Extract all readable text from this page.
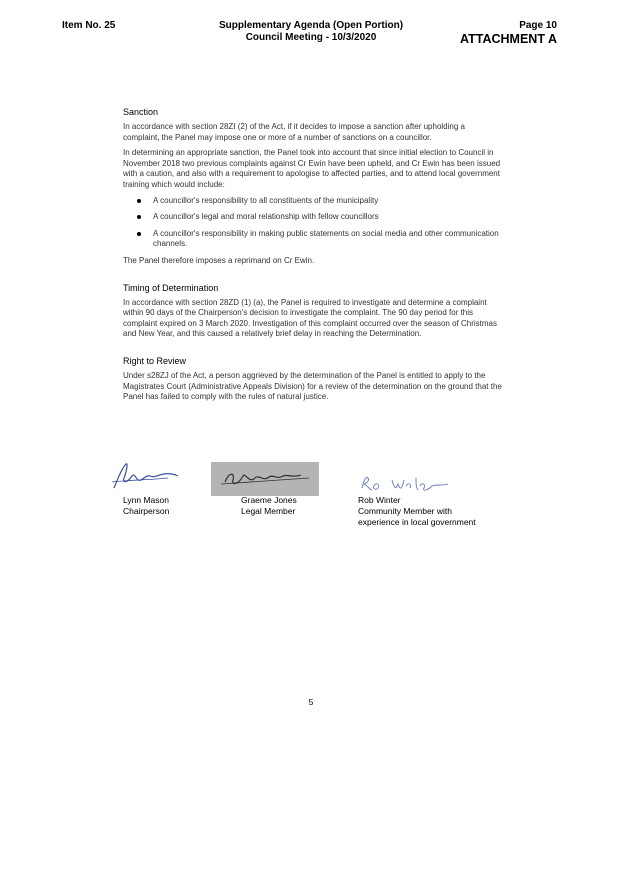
Item No. 25	Supplementary Agenda (Open Portion)
Council Meeting - 10/3/2020
Page 10
ATTACHMENT A
Sanction

In accordance with section 28ZI (2) of the Act, if it decides to impose a sanction after upholding a complaint, the Panel may impose one or more of a number of sanctions on a councillor.

In determining an appropriate sanction, the Panel took into account that since initial election to Council in November 2018 two previous complaints against Cr Ewin have been upheld, and Cr Ewin has been issued with a caution, and also with a requirement to apologise to affected parties, and to attend local government training which would include:

A councillor's responsibility to all constituents of the municipality
A councillor's legal and moral relationship with fellow councillors
A councillor's responsibility in making public statements on social media and other communication channels.

The Panel therefore imposes a reprimand on Cr Ewin.

Timing of Determination

In accordance with section 28ZD (1) (a), the Panel is required to investigate and determine a complaint within 90 days of the Chairperson's decision to investigate the complaint. The 90 day period for this complaint expired on 3 March 2020. Investigation of this complaint occurred over the season of Christmas and New Year, and this caused a relatively brief delay in reaching the Determination.

Right to Review

Under s28ZJ of the Act, a person aggrieved by the determination of the Panel is entitled to apply to the Magistrates Court (Administrative Appeals Division) for a review of the determination on the ground that the Panel has failed to comply with the rules of natural justice.

Lynn Mason
Chairperson
Graeme Jones
Legal Member
Rob Winter
Community Member with
experience in local government
5
